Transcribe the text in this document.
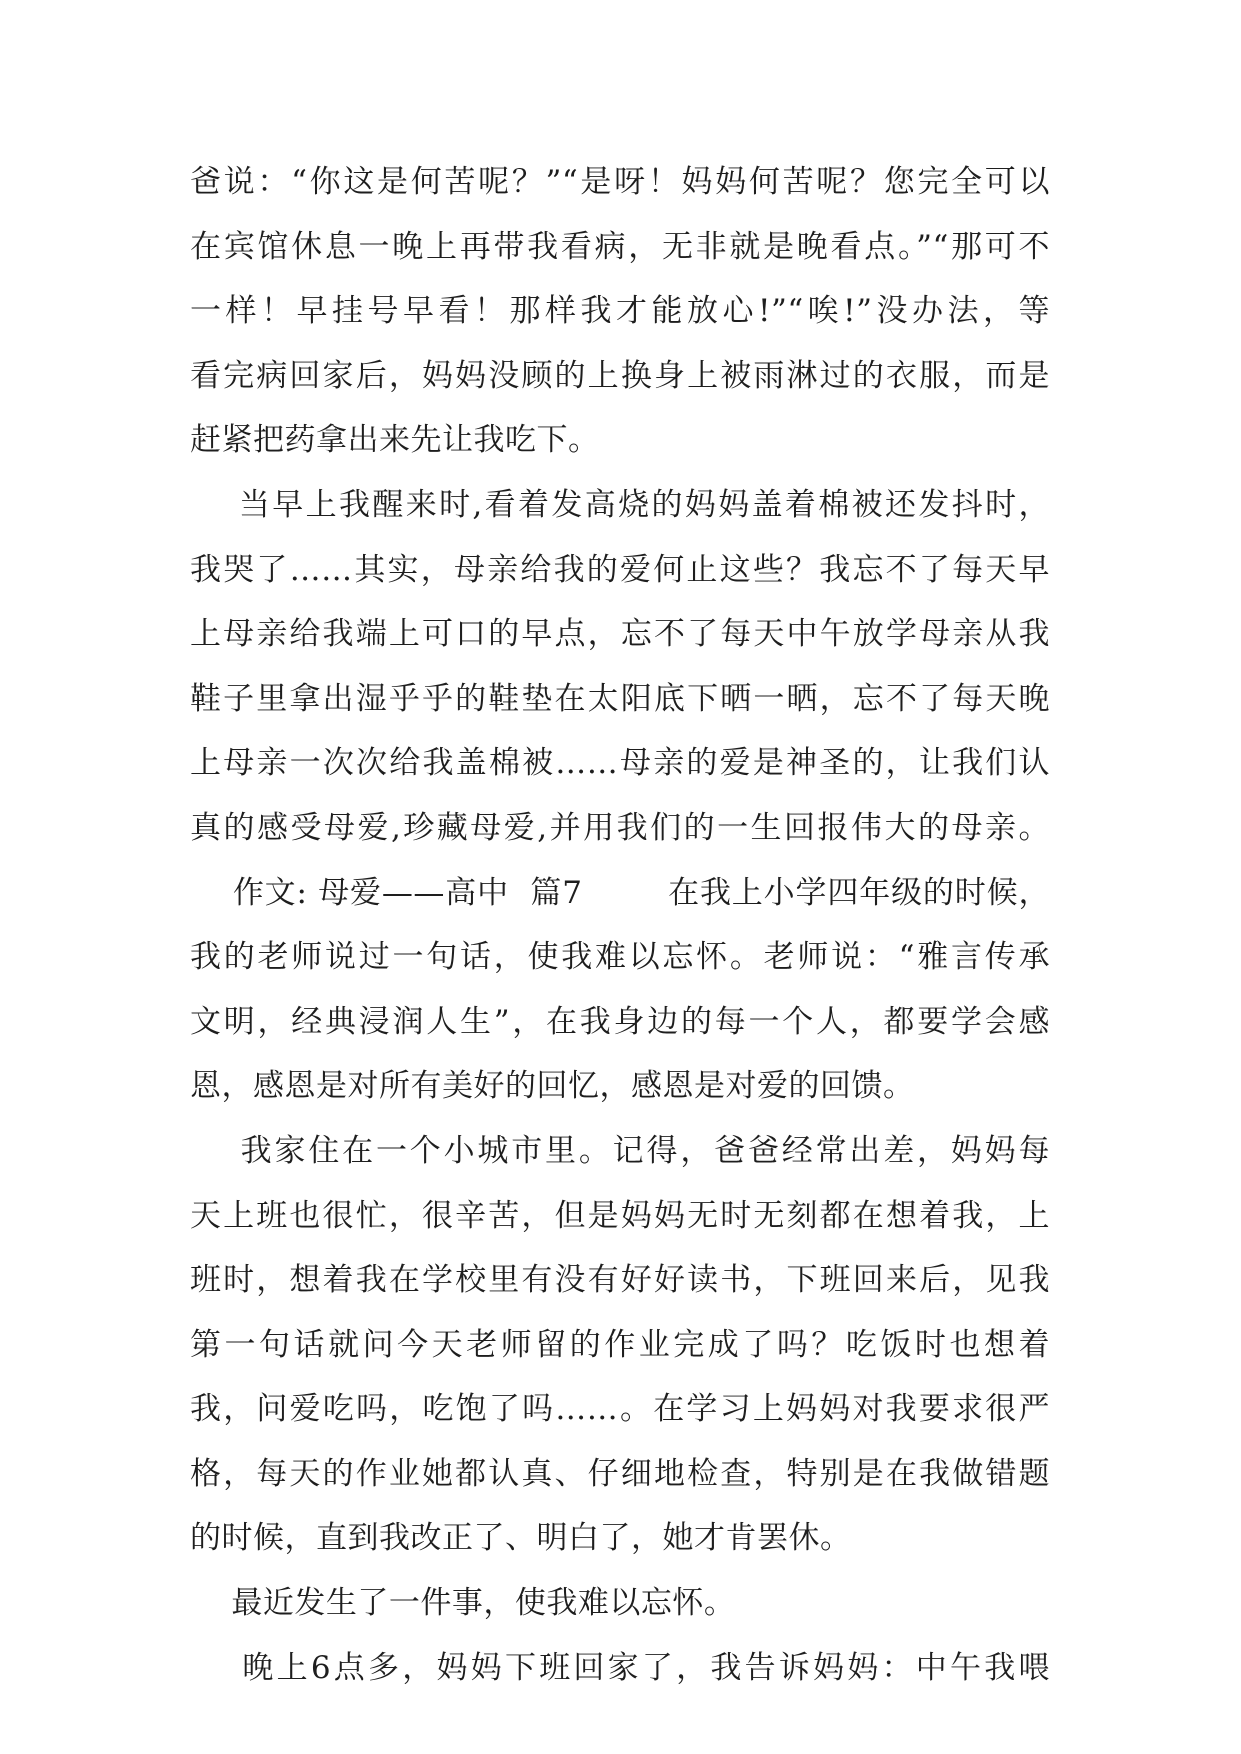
爸说：“你这是何苦呢？”“是呀！妈妈何苦呢？您完全可以
在宾馆休息一晚上再带我看病，无非就是晚看点。”“那可不
一样！早挂号早看！那样我才能放心!”“唉!”没办法，等
看完病回家后，妈妈没顾的上换身上被雨淋过的衣服，而是
赶紧把药拿出来先让我吃下。
当早上我醒来时,看着发高烧的妈妈盖着棉被还发抖时，
我哭了……其实，母亲给我的爱何止这些？我忘不了每天早
上母亲给我端上可口的早点，忘不了每天中午放学母亲从我
鞋子里拿出湿乎乎的鞋垫在太阳底下晒一晒，忘不了每天晚
上母亲一次次给我盖棉被……母亲的爱是神圣的，让我们认
真的感受母爱,珍藏母爱,并用我们的一生回报伟大的母亲。
作文: 母爱——高中  篇7        在我上小学四年级的时候，
我的老师说过一句话，使我难以忘怀。老师说：“雅言传承
文明，经典浸润人生”，在我身边的每一个人，都要学会感
恩，感恩是对所有美好的回忆，感恩是对爱的回馈。
我家住在一个小城市里。记得，爸爸经常出差，妈妈每
天上班也很忙，很辛苦，但是妈妈无时无刻都在想着我，上
班时，想着我在学校里有没有好好读书，下班回来后，见我
第一句话就问今天老师留的作业完成了吗？吃饭时也想着
我，问爱吃吗，吃饱了吗……。在学习上妈妈对我要求很严
格，每天的作业她都认真、仔细地检查，特别是在我做错题
的时候，直到我改正了、明白了，她才肯罢休。
最近发生了一件事，使我难以忘怀。
晚上6点多，妈妈下班回家了，我告诉妈妈：中午我喂
